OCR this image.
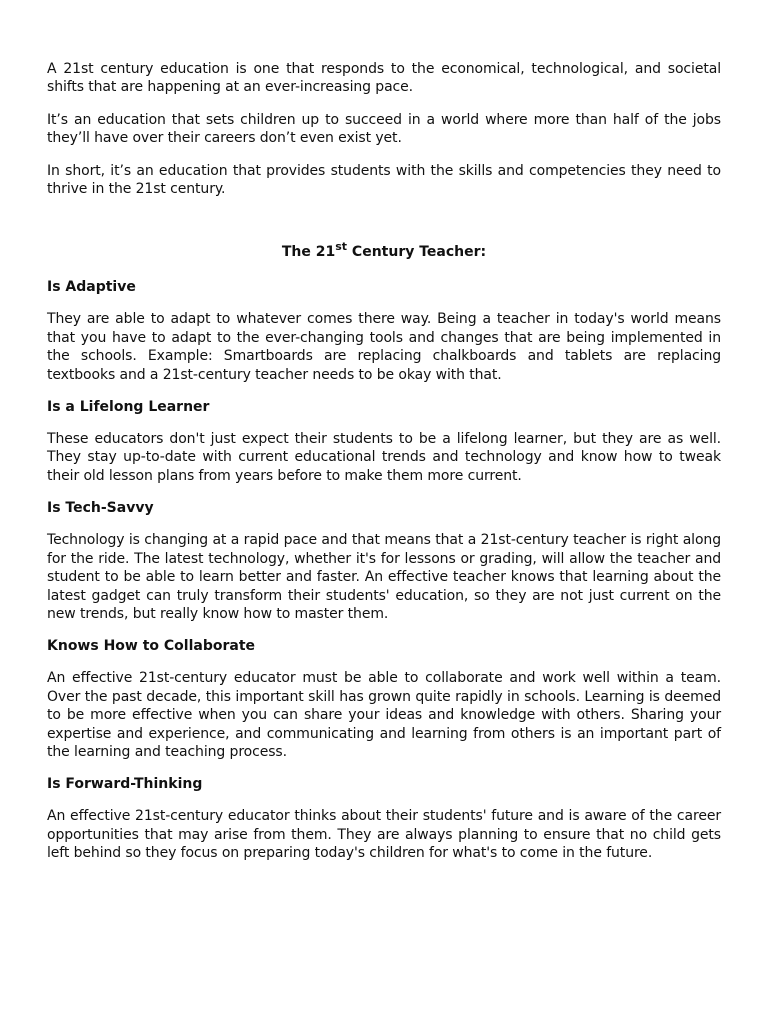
A 21st century education is one that responds to the economical, technological, and societal shifts that are happening at an ever-increasing pace.

It’s an education that sets children up to succeed in a world where more than half of the jobs they’ll have over their careers don’t even exist yet.

In short, it’s an education that provides students with the skills and competencies they need to thrive in the 21st century.

The 21st Century Teacher:
Is Adaptive

They are able to adapt to whatever comes there way. Being a teacher in today's world means that you have to adapt to the ever-changing tools and changes that are being implemented in the schools. Example: Smartboards are replacing chalkboards and tablets are replacing textbooks and a 21st-century teacher needs to be okay with that.

Is a Lifelong Learner

These educators don't just expect their students to be a lifelong learner, but they are as well. They stay up-to-date with current educational trends and technology and know how to tweak their old lesson plans from years before to make them more current.

Is Tech-Savvy

Technology is changing at a rapid pace and that means that a 21st-century teacher is right along for the ride. The latest technology, whether it's for lessons or grading, will allow the teacher and student to be able to learn better and faster. An effective teacher knows that learning about the latest gadget can truly transform their students' education, so they are not just current on the new trends, but really know how to master them.

Knows How to Collaborate

An effective 21st-century educator must be able to collaborate and work well within a team. Over the past decade, this important skill has grown quite rapidly in schools. Learning is deemed to be more effective when you can share your ideas and knowledge with others. Sharing your expertise and experience, and communicating and learning from others is an important part of the learning and teaching process.

Is Forward-Thinking

An effective 21st-century educator thinks about their students' future and is aware of the career opportunities that may arise from them. They are always planning to ensure that no child gets left behind so they focus on preparing today's children for what's to come in the future.
